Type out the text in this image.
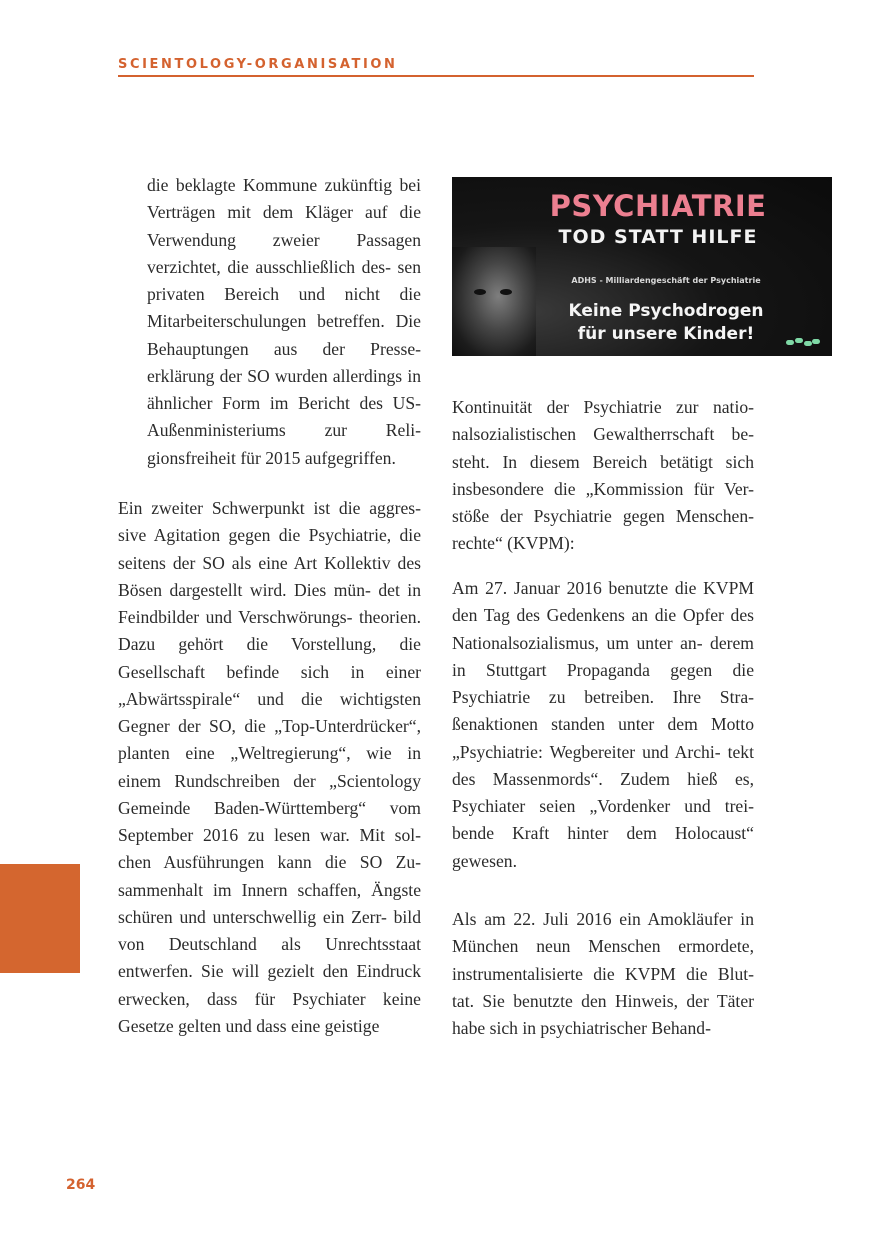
SCIENTOLOGY-ORGANISATION

die beklagte Kommune zukünftig bei Verträgen mit dem Kläger auf die Verwendung zweier Passagen verzichtet, die ausschließlich des- sen privaten Bereich und nicht die Mitarbeiterschulungen betreffen. Die Behauptungen aus der Presse- erklärung der SO wurden allerdings in ähnlicher Form im Bericht des US-Außenministeriums zur Reli- gionsfreiheit für 2015 aufgegriffen.

Ein zweiter Schwerpunkt ist die aggres- sive Agitation gegen die Psychiatrie, die seitens der SO als eine Art Kollektiv des Bösen dargestellt wird. Dies mün- det in Feindbilder und Verschwörungs- theorien. Dazu gehört die Vorstellung, die Gesellschaft befinde sich in einer „Abwärtsspirale“ und die wichtigsten Gegner der SO, die „Top-Unterdrücker“, planten eine „Weltregierung“, wie in einem Rundschreiben der „Scientology Gemeinde Baden-Württemberg“ vom September 2016 zu lesen war. Mit sol- chen Ausführungen kann die SO Zu- sammenhalt im Innern schaffen, Ängste schüren und unterschwellig ein Zerr- bild von Deutschland als Unrechtsstaat entwerfen. Sie will gezielt den Eindruck erwecken, dass für Psychiater keine Gesetze gelten und dass eine geistige

PSYCHIATRIE
TOD STATT HILFE
ADHS - Milliardengeschäft der Psychiatrie
Keine Psychodrogen
für unsere Kinder!

Kontinuität der Psychiatrie zur natio- nalsozialistischen Gewaltherrschaft be- steht. In diesem Bereich betätigt sich insbesondere die „Kommission für Ver- stöße der Psychiatrie gegen Menschen- rechte“ (KVPM):

Am 27. Januar 2016 benutzte die KVPM den Tag des Gedenkens an die Opfer des Nationalsozialismus, um unter an- derem in Stuttgart Propaganda gegen die Psychiatrie zu betreiben. Ihre Stra- ßenaktionen standen unter dem Motto „Psychiatrie: Wegbereiter und Archi- tekt des Massenmords“. Zudem hieß es, Psychiater seien „Vordenker und trei- bende Kraft hinter dem Holocaust“ gewesen.

Als am 22. Juli 2016 ein Amokläufer in München neun Menschen ermordete, instrumentalisierte die KVPM die Blut- tat. Sie benutzte den Hinweis, der Täter habe sich in psychiatrischer Behand-

264
